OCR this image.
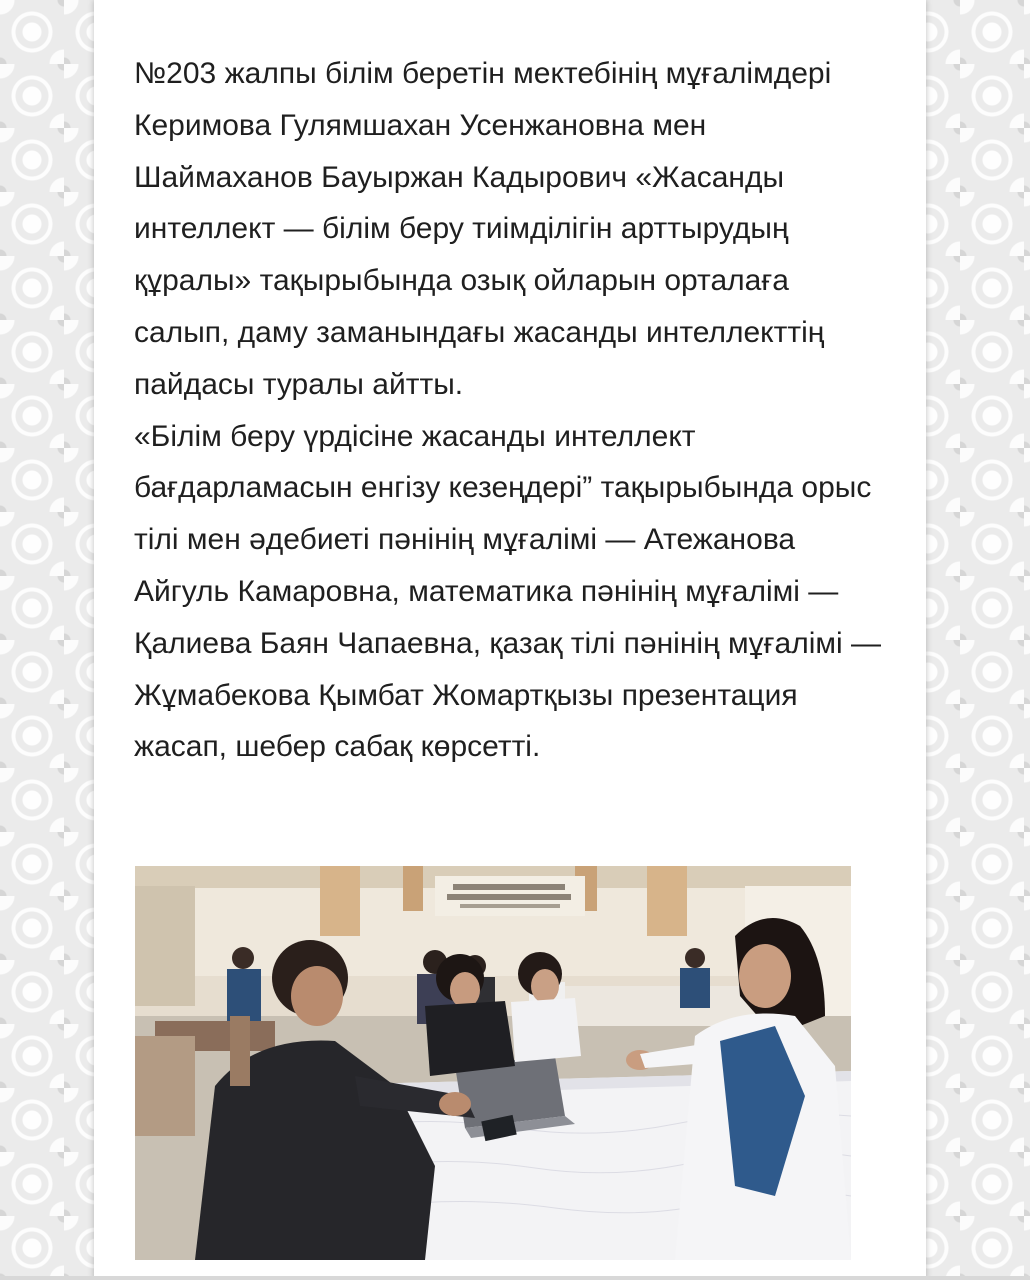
№203 жалпы білім беретін мектебінің мұғалімдері Керимова Гулямшахан Усенжановна мен Шаймаханов Бауыржан Кадырович «Жасанды интеллект — білім беру тиімділігін арттырудың құралы» тақырыбында озық ойларын орталаға салып, даму заманындағы жасанды интеллекттің пайдасы туралы айтты.
«Білім беру үрдісіне жасанды интеллект бағдарламасын енгізу кезеңдері” тақырыбында орыс тілі мен әдебиеті пәнінің мұғалімі — Атежанова Айгуль Камаровна, математика пәнінің мұғалімі — Қалиева Баян Чапаевна, қазақ тілі пәнінің мұғалімі — Жұмабекова Қымбат Жомартқызы презентация жасап, шебер сабақ көрсетті.
